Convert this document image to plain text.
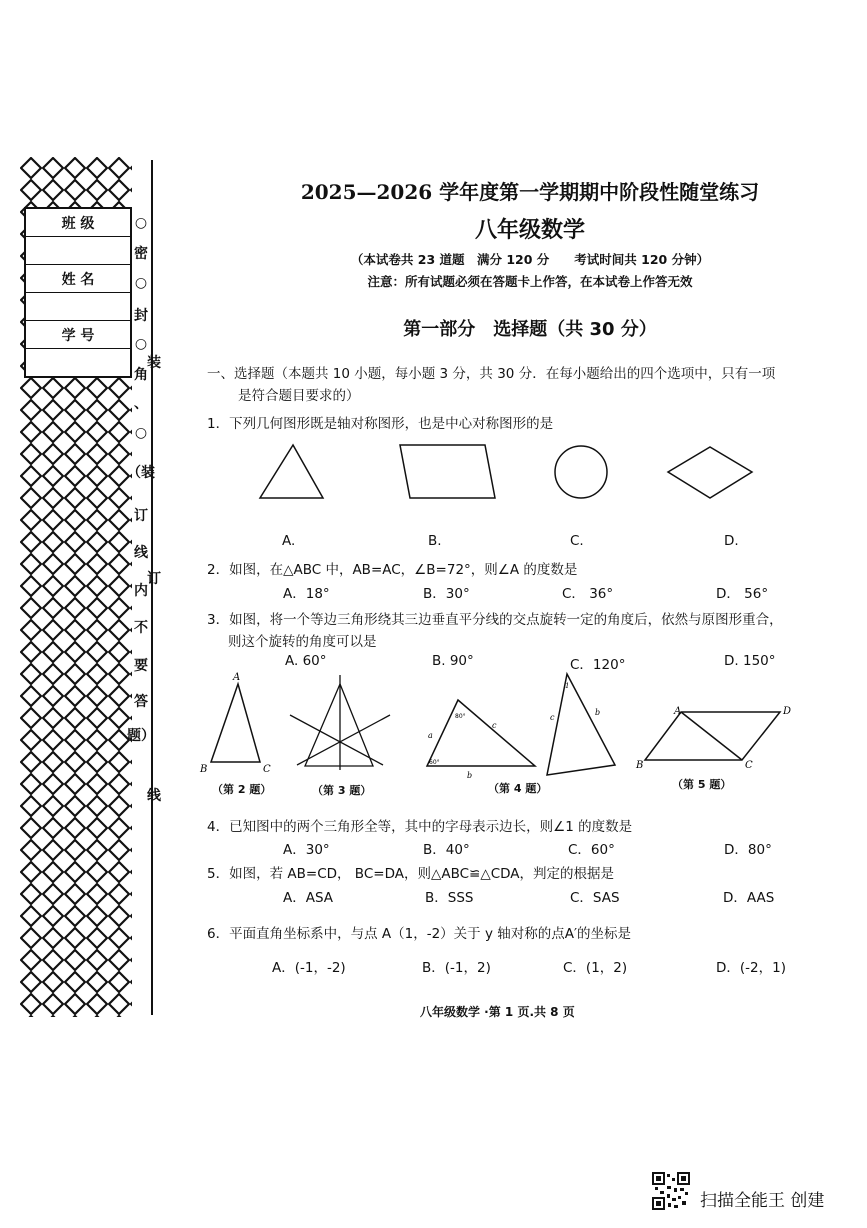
班 级

姓 名

学 号

○
密
○
封
○
角
、
○
（装
订
线
内
不
要
答
题）
装
订
线
2025—2026 学年度第一学期期中阶段性随堂练习
八年级数学
（本试卷共 23 道题　满分 120 分　　考试时间共 120 分钟）
注意：所有试题必须在答题卡上作答，在本试卷上作答无效
第一部分　选择题（共 30 分）
一、选择题（本题共 10 小题，每小题 3 分，共 30 分．在每小题给出的四个选项中，只有一项
是符合题目要求的）
1．下列几何图形既是轴对称图形，也是中心对称图形的是
A.	B.	C.	D.
2．如图，在△ABC 中，AB=AC，∠B=72°，则∠A 的度数是
A．18°	B．30°	C． 36°	D． 56°
3．如图，将一个等边三角形绕其三边垂直平分线的交点旋转一定的角度后，依然与原图形重合，
则这个旋转的角度可以是
A. 60°	B. 90°	C．120°	D. 150°
A
B	C
80°
a
c
60°
b
1
c
b	A	D
B	C
（第 2 题）	（第 3 题）	（第 4 题）	（第 5 题）
4．已知图中的两个三角形全等，其中的字母表示边长，则∠1 的度数是
A．30°	B．40°	C．60°	D．80°
5．如图，若 AB=CD， BC=DA，则△ABC≌△CDA，判定的根据是
A．ASA	B．SSS	C．SAS	D．AAS
6．平面直角坐标系中，与点 A（1，-2）关于 y 轴对称的点A′的坐标是
A．(-1，-2)	B．(-1，2)	C．(1，2)	D．(-2，1)
八年级数学 ·第 1 页.共 8 页
扫描全能王 创建
